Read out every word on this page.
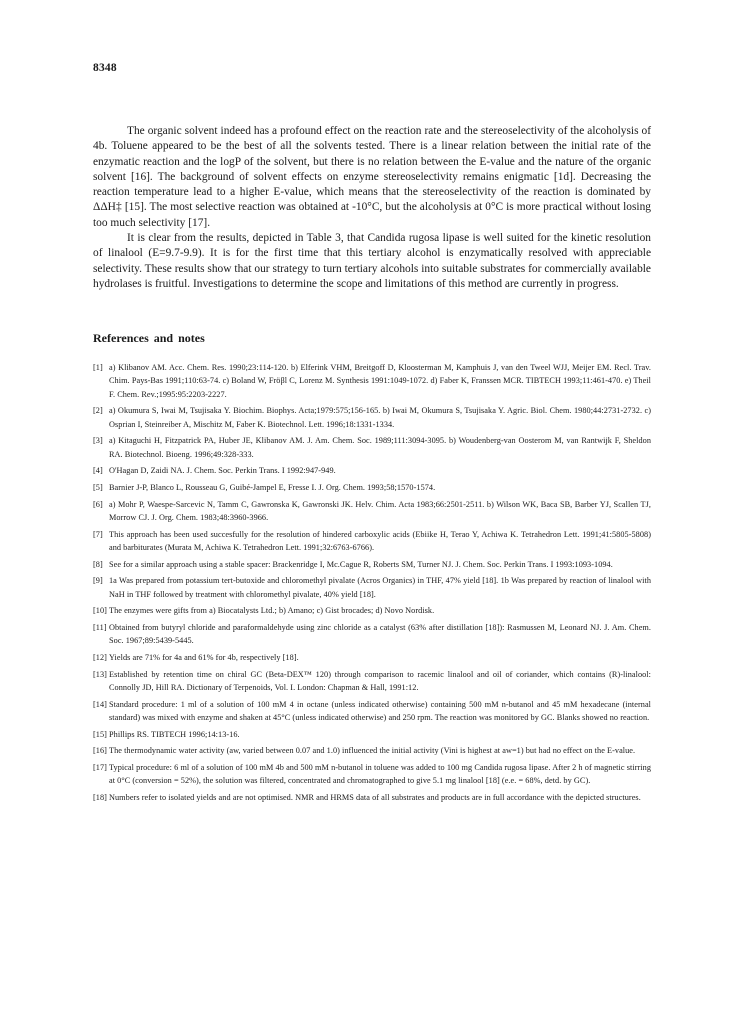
8348

The organic solvent indeed has a profound effect on the reaction rate and the stereoselectivity of the alcoholysis of 4b. Toluene appeared to be the best of all the solvents tested. There is a linear relation between the initial rate of the enzymatic reaction and the logP of the solvent, but there is no relation between the E-value and the nature of the organic solvent [16]. The background of solvent effects on enzyme stereoselectivity remains enigmatic [1d]. Decreasing the reaction temperature lead to a higher E-value, which means that the stereoselectivity of the reaction is dominated by ΔΔH‡ [15]. The most selective reaction was obtained at -10°C, but the alcoholysis at 0°C is more practical without losing too much selectivity [17].

It is clear from the results, depicted in Table 3, that Candida rugosa lipase is well suited for the kinetic resolution of linalool (E=9.7-9.9). It is for the first time that this tertiary alcohol is enzymatically resolved with appreciable selectivity. These results show that our strategy to turn tertiary alcohols into suitable substrates for commercially available hydrolases is fruitful. Investigations to determine the scope and limitations of this method are currently in progress.

References and notes
[1] a) Klibanov AM. Acc. Chem. Res. 1990;23:114-120. b) Elferink VHM, Breitgoff D, Kloosterman M, Kamphuis J, van den Tweel WJJ, Meijer EM. Recl. Trav. Chim. Pays-Bas 1991;110:63-74. c) Boland W, Fröβl C, Lorenz M. Synthesis 1991:1049-1072. d) Faber K, Franssen MCR. TIBTECH 1993;11:461-470. e) Theil F. Chem. Rev.;1995:95:2203-2227.
[2] a) Okumura S, Iwai M, Tsujisaka Y. Biochim. Biophys. Acta;1979:575;156-165. b) Iwai M, Okumura S, Tsujisaka Y. Agric. Biol. Chem. 1980;44:2731-2732. c) Osprian I, Steinreiber A, Mischitz M, Faber K. Biotechnol. Lett. 1996;18:1331-1334.
[3] a) Kitaguchi H, Fitzpatrick PA, Huber JE, Klibanov AM. J. Am. Chem. Soc. 1989;111:3094-3095. b) Woudenberg-van Oosterom M, van Rantwijk F, Sheldon RA. Biotechnol. Bioeng. 1996;49:328-333.
[4] O'Hagan D, Zaidi NA. J. Chem. Soc. Perkin Trans. I 1992:947-949.
[5] Barnier J-P, Blanco L, Rousseau G, Guibé-Jampel E, Fresse I. J. Org. Chem. 1993;58;1570-1574.
[6] a) Mohr P, Waespe-Sarcevic N, Tamm C, Gawronska K, Gawronski JK. Helv. Chim. Acta 1983;66:2501-2511. b) Wilson WK, Baca SB, Barber YJ, Scallen TJ, Morrow CJ. J. Org. Chem. 1983;48:3960-3966.
[7] This approach has been used succesfully for the resolution of hindered carboxylic acids (Ebiike H, Terao Y, Achiwa K. Tetrahedron Lett. 1991;41:5805-5808) and barbiturates (Murata M, Achiwa K. Tetrahedron Lett. 1991;32:6763-6766).
[8] See for a similar approach using a stable spacer: Brackenridge I, Mc.Cague R, Roberts SM, Turner NJ. J. Chem. Soc. Perkin Trans. I 1993:1093-1094.
[9] 1a Was prepared from potassium tert-butoxide and chloromethyl pivalate (Acros Organics) in THF, 47% yield [18]. 1b Was prepared by reaction of linalool with NaH in THF followed by treatment with chloromethyl pivalate, 40% yield [18].
[10] The enzymes were gifts from a) Biocatalysts Ltd.; b) Amano; c) Gist brocades; d) Novo Nordisk.
[11] Obtained from butyryl chloride and paraformaldehyde using zinc chloride as a catalyst (63% after distillation [18]): Rasmussen M, Leonard NJ. J. Am. Chem. Soc. 1967;89:5439-5445.
[12] Yields are 71% for 4a and 61% for 4b, respectively [18].
[13] Established by retention time on chiral GC (Beta-DEX™ 120) through comparison to racemic linalool and oil of coriander, which contains (R)-linalool: Connolly JD, Hill RA. Dictionary of Terpenoids, Vol. I. London: Chapman & Hall, 1991:12.
[14] Standard procedure: 1 ml of a solution of 100 mM 4 in octane (unless indicated otherwise) containing 500 mM n-butanol and 45 mM hexadecane (internal standard) was mixed with enzyme and shaken at 45°C (unless indicated otherwise) and 250 rpm. The reaction was monitored by GC. Blanks showed no reaction.
[15] Phillips RS. TIBTECH 1996;14:13-16.
[16] The thermodynamic water activity (aw, varied between 0.07 and 1.0) influenced the initial activity (Vini is highest at aw=1) but had no effect on the E-value.
[17] Typical procedure: 6 ml of a solution of 100 mM 4b and 500 mM n-butanol in toluene was added to 100 mg Candida rugosa lipase. After 2 h of magnetic stirring at 0°C (conversion = 52%), the solution was filtered, concentrated and chromatographed to give 5.1 mg linalool [18] (e.e. = 68%, detd. by GC).
[18] Numbers refer to isolated yields and are not optimised. NMR and HRMS data of all substrates and products are in full accordance with the depicted structures.
